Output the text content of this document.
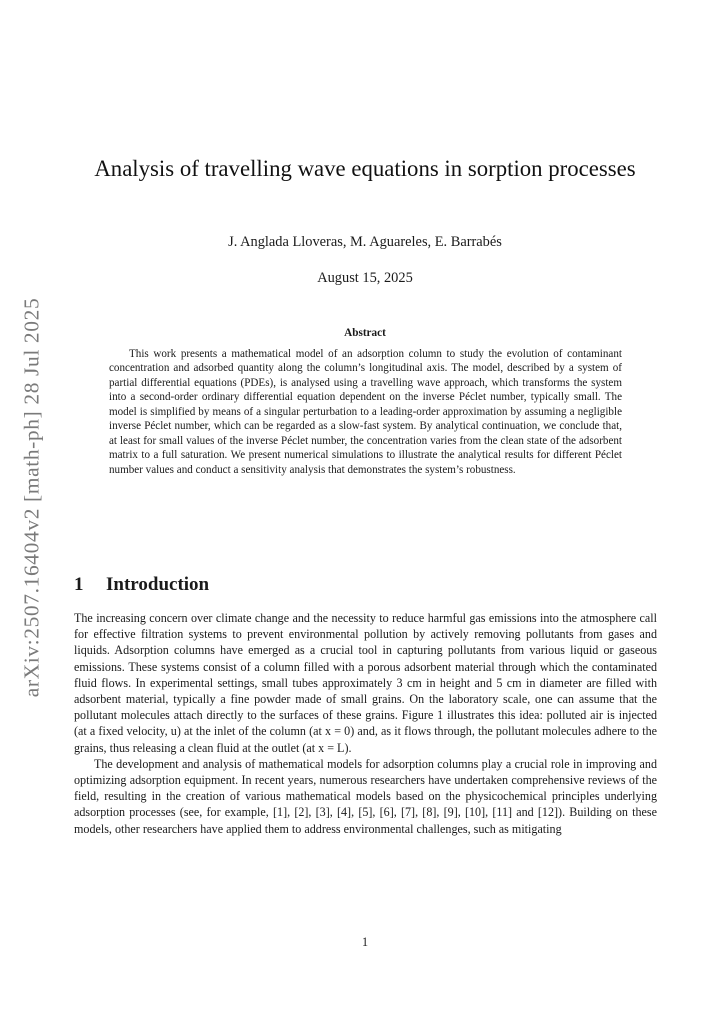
arXiv:2507.16404v2 [math-ph] 28 Jul 2025
Analysis of travelling wave equations in sorption processes
J. Anglada Lloveras, M. Aguareles, E. Barrabés
August 15, 2025
Abstract

This work presents a mathematical model of an adsorption column to study the evolution of contaminant concentration and adsorbed quantity along the column’s longitudinal axis. The model, described by a system of partial differential equations (PDEs), is analysed using a travelling wave approach, which transforms the system into a second-order ordinary differential equation dependent on the inverse Péclet number, typically small. The model is simplified by means of a singular perturbation to a leading-order approximation by assuming a negligible inverse Péclet number, which can be regarded as a slow-fast system. By analytical continuation, we conclude that, at least for small values of the inverse Péclet number, the concentration varies from the clean state of the adsorbent matrix to a full saturation. We present numerical simulations to illustrate the analytical results for different Péclet number values and conduct a sensitivity analysis that demonstrates the system’s robustness.

1 Introduction

The increasing concern over climate change and the necessity to reduce harmful gas emissions into the atmosphere call for effective filtration systems to prevent environmental pollution by actively removing pollutants from gases and liquids. Adsorption columns have emerged as a crucial tool in capturing pollutants from various liquid or gaseous emissions. These systems consist of a column filled with a porous adsorbent material through which the contaminated fluid flows. In experimental settings, small tubes approximately 3 cm in height and 5 cm in diameter are filled with adsorbent material, typically a fine powder made of small grains. On the laboratory scale, one can assume that the pollutant molecules attach directly to the surfaces of these grains. Figure 1 illustrates this idea: polluted air is injected (at a fixed velocity, u) at the inlet of the column (at x = 0) and, as it flows through, the pollutant molecules adhere to the grains, thus releasing a clean fluid at the outlet (at x = L).

The development and analysis of mathematical models for adsorption columns play a crucial role in improving and optimizing adsorption equipment. In recent years, numerous researchers have undertaken comprehensive reviews of the field, resulting in the creation of various mathematical models based on the physicochemical principles underlying adsorption processes (see, for example, [1], [2], [3], [4], [5], [6], [7], [8], [9], [10], [11] and [12]). Building on these models, other researchers have applied them to address environmental challenges, such as mitigating

1
